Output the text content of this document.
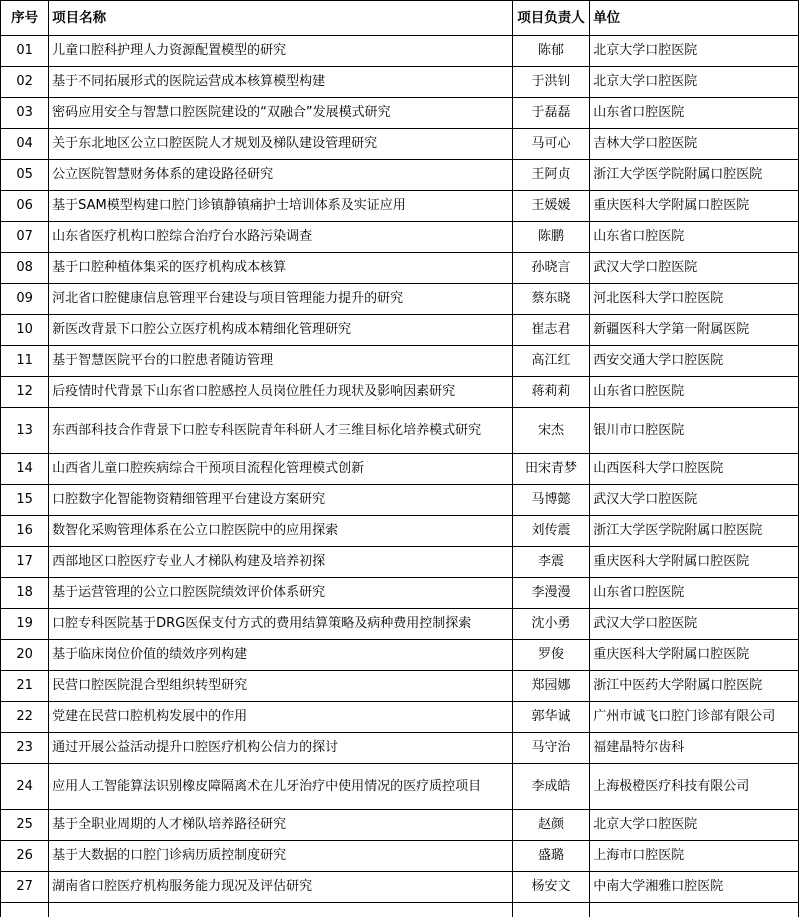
序号	项目名称	项目负责人	单位
01	儿童口腔科护理人力资源配置模型的研究	陈郁	北京大学口腔医院
02	基于不同拓展形式的医院运营成本核算模型构建	于洪钊	北京大学口腔医院
03	密码应用安全与智慧口腔医院建设的“双融合”发展模式研究	于磊磊	山东省口腔医院
04	关于东北地区公立口腔医院人才规划及梯队建设管理研究	马可心	吉林大学口腔医院
05	公立医院智慧财务体系的建设路径研究	王阿贞	浙江大学医学院附属口腔医院
06	基于SAM模型构建口腔门诊镇静镇痛护士培训体系及实证应用	王媛媛	重庆医科大学附属口腔医院
07	山东省医疗机构口腔综合治疗台水路污染调查	陈鹏	山东省口腔医院
08	基于口腔种植体集采的医疗机构成本核算	孙晓言	武汉大学口腔医院
09	河北省口腔健康信息管理平台建设与项目管理能力提升的研究	蔡东晓	河北医科大学口腔医院
10	新医改背景下口腔公立医疗机构成本精细化管理研究	崔志君	新疆医科大学第一附属医院
11	基于智慧医院平台的口腔患者随访管理	高江红	西安交通大学口腔医院
12	后疫情时代背景下山东省口腔感控人员岗位胜任力现状及影响因素研究	蒋莉莉	山东省口腔医院
13	东西部科技合作背景下口腔专科医院青年科研人才三维目标化培养模式研究	宋杰	银川市口腔医院
14	山西省儿童口腔疾病综合干预项目流程化管理模式创新	田宋青梦	山西医科大学口腔医院
15	口腔数字化智能物资精细管理平台建设方案研究	马博懿	武汉大学口腔医院
16	数智化采购管理体系在公立口腔医院中的应用探索	刘传震	浙江大学医学院附属口腔医院
17	西部地区口腔医疗专业人才梯队构建及培养初探	李震	重庆医科大学附属口腔医院
18	基于运营管理的公立口腔医院绩效评价体系研究	李漫漫	山东省口腔医院
19	口腔专科医院基于DRG医保支付方式的费用结算策略及病种费用控制探索	沈小勇	武汉大学口腔医院
20	基于临床岗位价值的绩效序列构建	罗俊	重庆医科大学附属口腔医院
21	民营口腔医院混合型组织转型研究	郑园娜	浙江中医药大学附属口腔医院
22	党建在民营口腔机构发展中的作用	郭华诚	广州市诚飞口腔门诊部有限公司
23	通过开展公益活动提升口腔医疗机构公信力的探讨	马守治	福建晶特尔齿科
24	应用人工智能算法识别橡皮障隔离术在儿牙治疗中使用情况的医疗质控项目	李成皓	上海极橙医疗科技有限公司
25	基于全职业周期的人才梯队培养路径研究	赵颜	北京大学口腔医院
26	基于大数据的口腔门诊病历质控制度研究	盛璐	上海市口腔医院
27	湖南省口腔医疗机构服务能力现况及评估研究	杨安文	中南大学湘雅口腔医院
